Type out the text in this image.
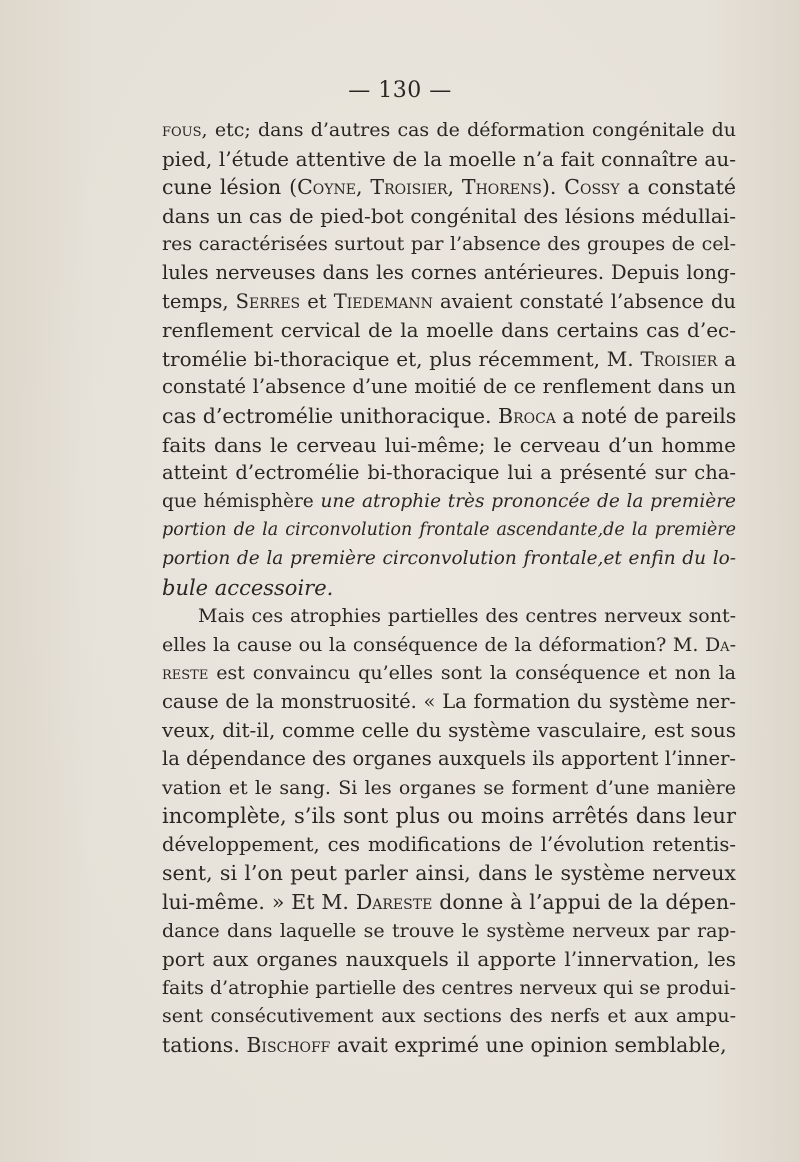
— 130 —
fous, etc; dans d’autres cas de déformation congénitale du
pied, l’étude attentive de la moelle n’a fait connaître au-
cune lésion (Coyne, Troisier, Thorens). Cossy a constaté
dans un cas de pied-bot congénital des lésions médullai-
res caractérisées surtout par l’absence des groupes de cel-
lules nerveuses dans les cornes antérieures. Depuis long-
temps, Serres et Tiedemann avaient constaté l’absence du
renflement cervical de la moelle dans certains cas d’ec-
tromélie bi-thoracique et, plus récemment, M. Troisier a
constaté l’absence d’une moitié de ce renflement dans un
cas d’ectromélie unithoracique. Broca a noté de pareils
faits dans le cerveau lui-même; le cerveau d’un homme
atteint d’ectromélie bi-thoracique lui a présenté sur cha-
que hémisphère une atrophie très prononcée de la première
portion de la circonvolution frontale ascendante,de la première
portion de la première circonvolution frontale,et enfin du lo-
bule accessoire.
Mais ces atrophies partielles des centres nerveux sont-
elles la cause ou la conséquence de la déformation? M. Da-
reste est convaincu qu’elles sont la conséquence et non la
cause de la monstruosité. « La formation du système ner-
veux, dit-il, comme celle du système vasculaire, est sous
la dépendance des organes auxquels ils apportent l’inner-
vation et le sang. Si les organes se forment d’une manière
incomplète, s’ils sont plus ou moins arrêtés dans leur
développement, ces modifications de l’évolution retentis-
sent, si l’on peut parler ainsi, dans le système nerveux
lui-même. » Et M. Dareste donne à l’appui de la dépen-
dance dans laquelle se trouve le système nerveux par rap-
port aux organes nauxquels il apporte l’innervation, les
faits d’atrophie partielle des centres nerveux qui se produi-
sent consécutivement aux sections des nerfs et aux ampu-
tations. Bischoff avait exprimé une opinion semblable,
